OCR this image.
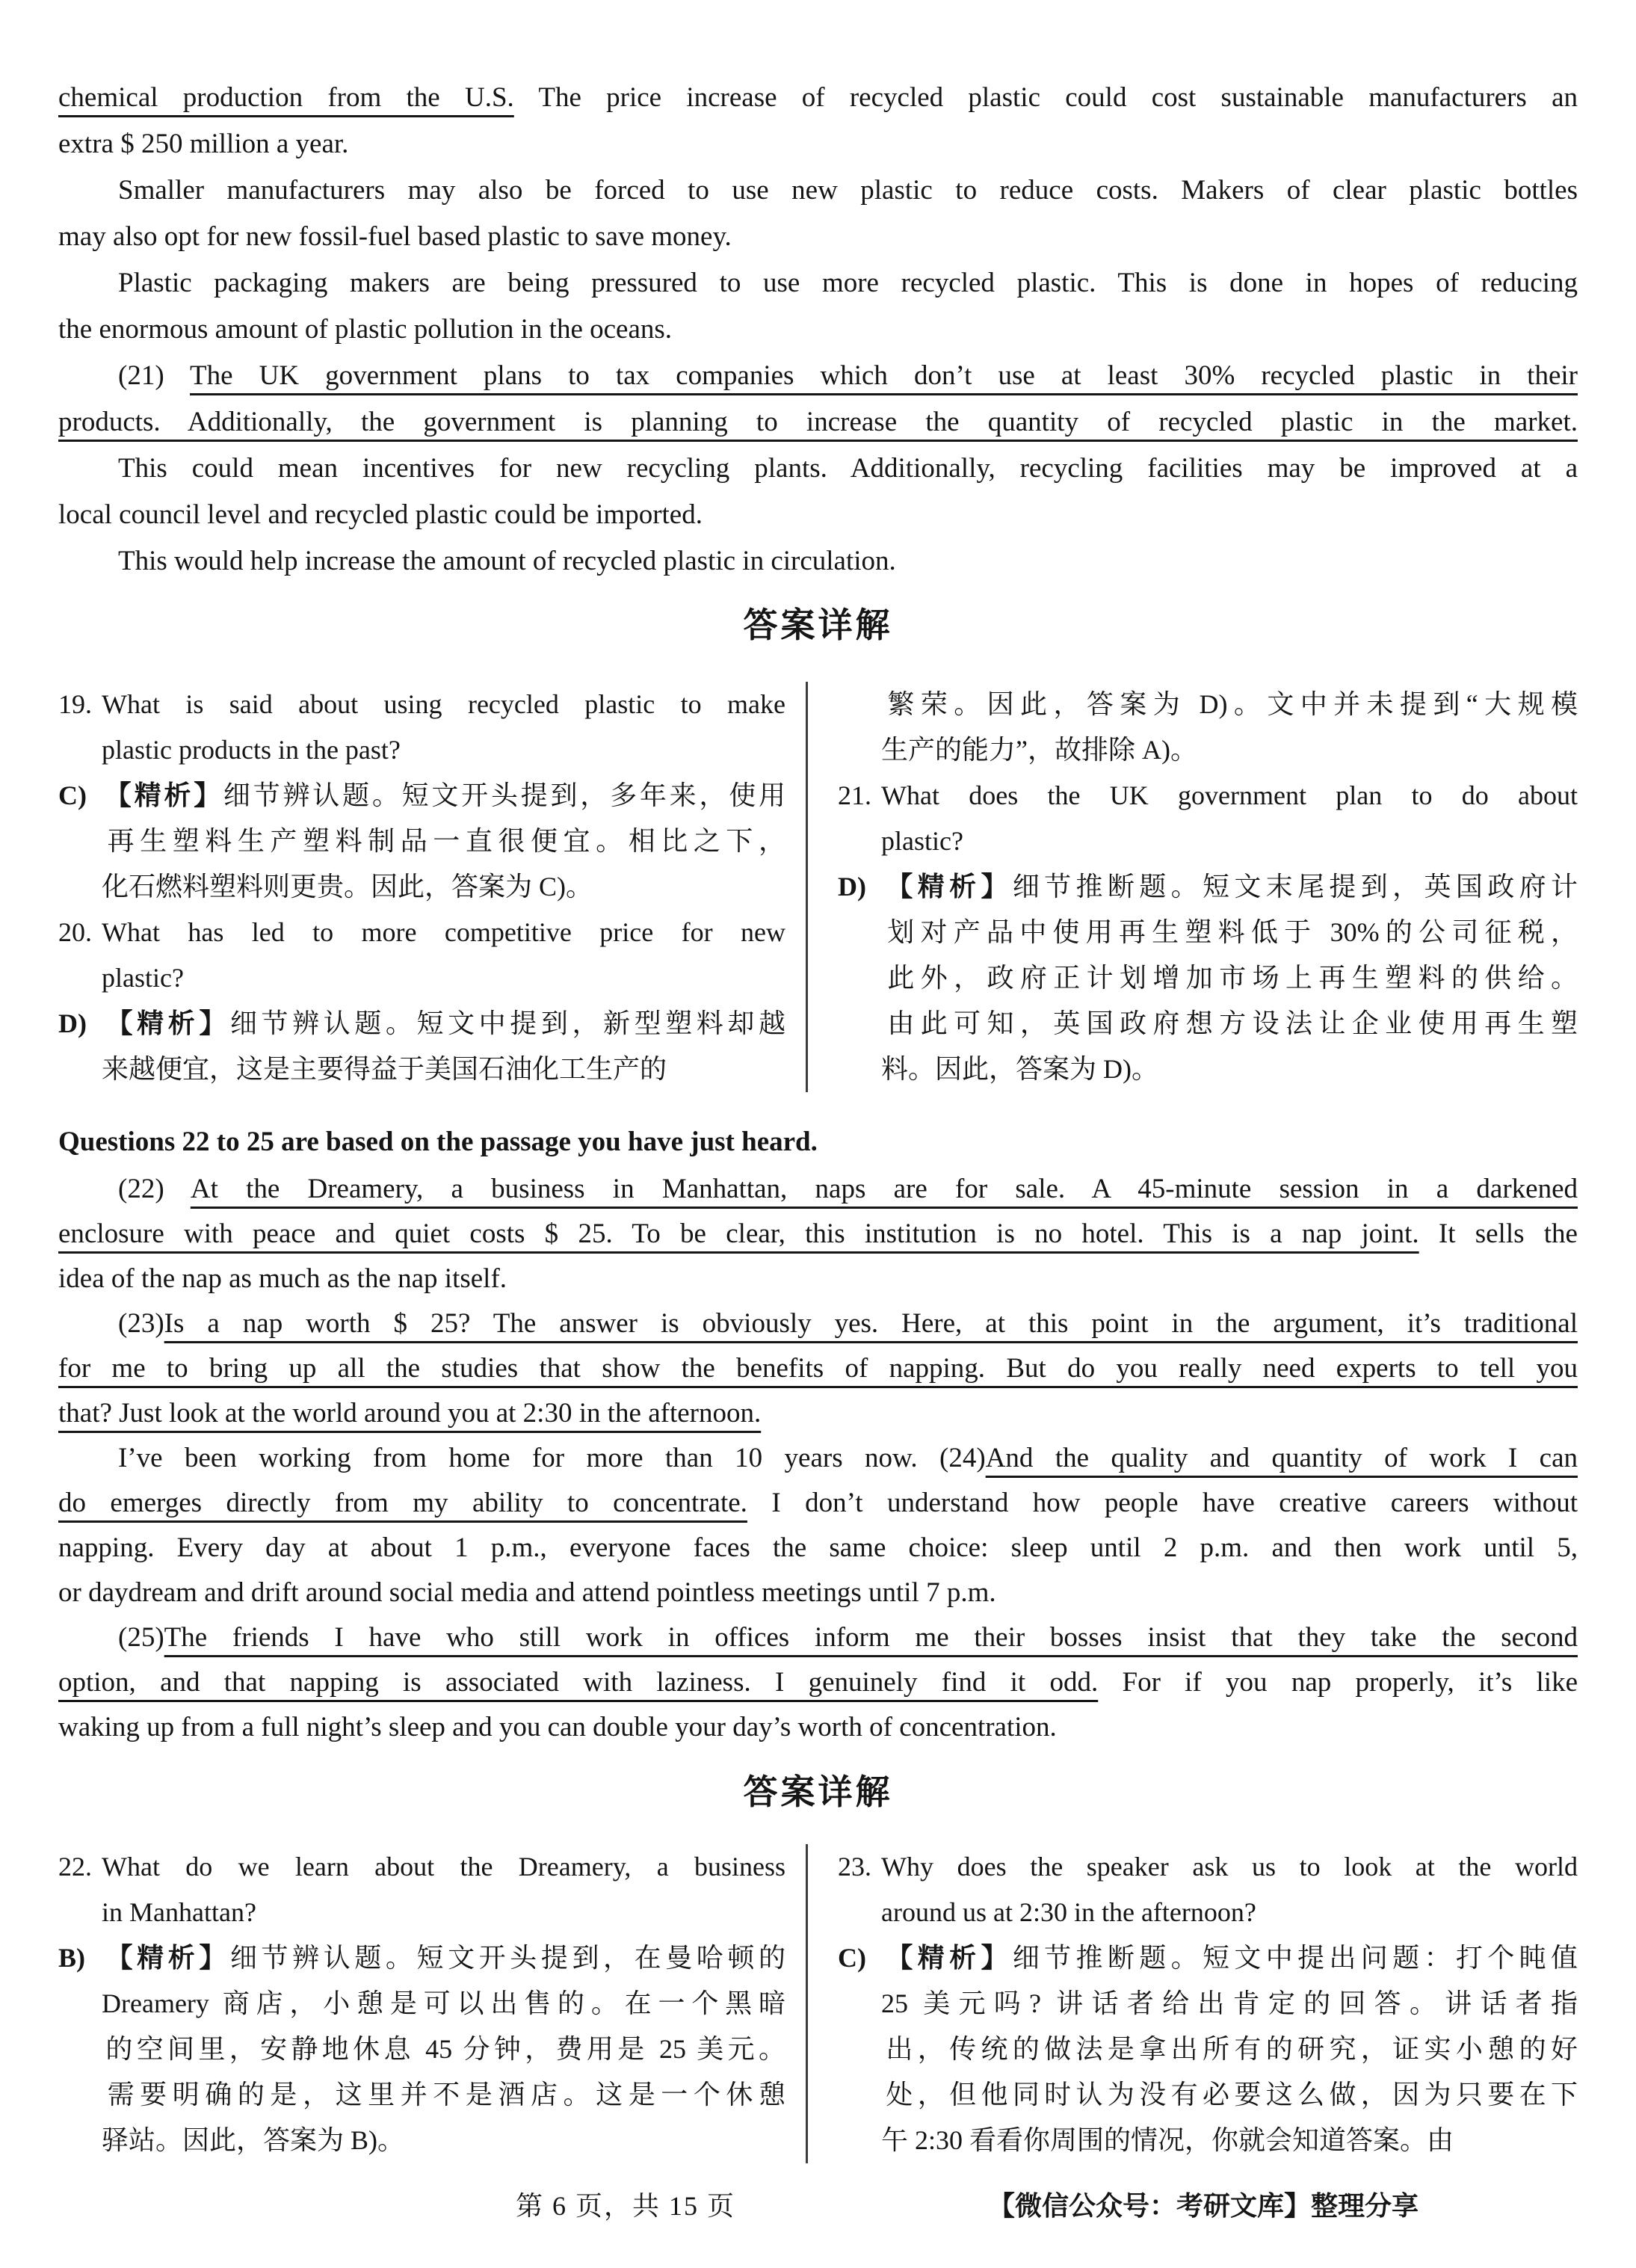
chemical production from the U.S. The price increase of recycled plastic could cost sustainable manufacturers an
extra $ 250 million a year.
Smaller manufacturers may also be forced to use new plastic to reduce costs. Makers of clear plastic bottles
may also opt for new fossil-fuel based plastic to save money.
Plastic packaging makers are being pressured to use more recycled plastic. This is done in hopes of reducing
the enormous amount of plastic pollution in the oceans.
(21) The UK government plans to tax companies which don’t use at least 30% recycled plastic in their
products. Additionally, the government is planning to increase the quantity of recycled plastic in the market.
This could mean incentives for new recycling plants. Additionally, recycling facilities may be improved at a
local council level and recycled plastic could be imported.
This would help increase the amount of recycled plastic in circulation.
答案详解
19. What is said about using recycled plastic to make
plastic products in the past?
C) 【精析】细节辨认题。短文开头提到，多年来，使用
再生塑料生产塑料制品一直很便宜。相比之下，
化石燃料塑料则更贵。因此，答案为 C)。
20. What has led to more competitive price for new
plastic?
D) 【精析】细节辨认题。短文中提到，新型塑料却越
来越便宜，这是主要得益于美国石油化工生产的
繁荣。因此，答案为 D)。文中并未提到“大规模
生产的能力”，故排除 A)。
21. What does the UK government plan to do about
plastic?
D) 【精析】细节推断题。短文末尾提到，英国政府计
划对产品中使用再生塑料低于 30%的公司征税，
此外，政府正计划增加市场上再生塑料的供给。
由此可知，英国政府想方设法让企业使用再生塑
料。因此，答案为 D)。

Questions 22 to 25 are based on the passage you have just heard.

(22) At the Dreamery, a business in Manhattan, naps are for sale. A 45-minute session in a darkened
enclosure with peace and quiet costs $ 25. To be clear, this institution is no hotel. This is a nap joint. It sells the
idea of the nap as much as the nap itself.
(23)Is a nap worth $ 25? The answer is obviously yes. Here, at this point in the argument, it’s traditional
for me to bring up all the studies that show the benefits of napping. But do you really need experts to tell you
that? Just look at the world around you at 2:30 in the afternoon.
I’ve been working from home for more than 10 years now. (24)And the quality and quantity of work I can
do emerges directly from my ability to concentrate. I don’t understand how people have creative careers without
napping. Every day at about 1 p.m., everyone faces the same choice: sleep until 2 p.m. and then work until 5,
or daydream and drift around social media and attend pointless meetings until 7 p.m.
(25)The friends I have who still work in offices inform me their bosses insist that they take the second
option, and that napping is associated with laziness. I genuinely find it odd. For if you nap properly, it’s like
waking up from a full night’s sleep and you can double your day’s worth of concentration.
答案详解
22. What do we learn about the Dreamery, a business
in Manhattan?
B) 【精析】细节辨认题。短文开头提到，在曼哈顿的
Dreamery 商店，小憩是可以出售的。在一个黑暗
的空间里，安静地休息 45 分钟，费用是 25 美元。
需要明确的是，这里并不是酒店。这是一个休憩
驿站。因此，答案为 B)。
23. Why does the speaker ask us to look at the world
around us at 2:30 in the afternoon?
C) 【精析】细节推断题。短文中提出问题：打个盹值
25 美元吗? 讲话者给出肯定的回答。讲话者指
出，传统的做法是拿出所有的研究，证实小憩的好
处，但他同时认为没有必要这么做，因为只要在下
午 2:30 看看你周围的情况，你就会知道答案。由
第 6 页，共 15 页	【微信公众号：考研文库】整理分享
